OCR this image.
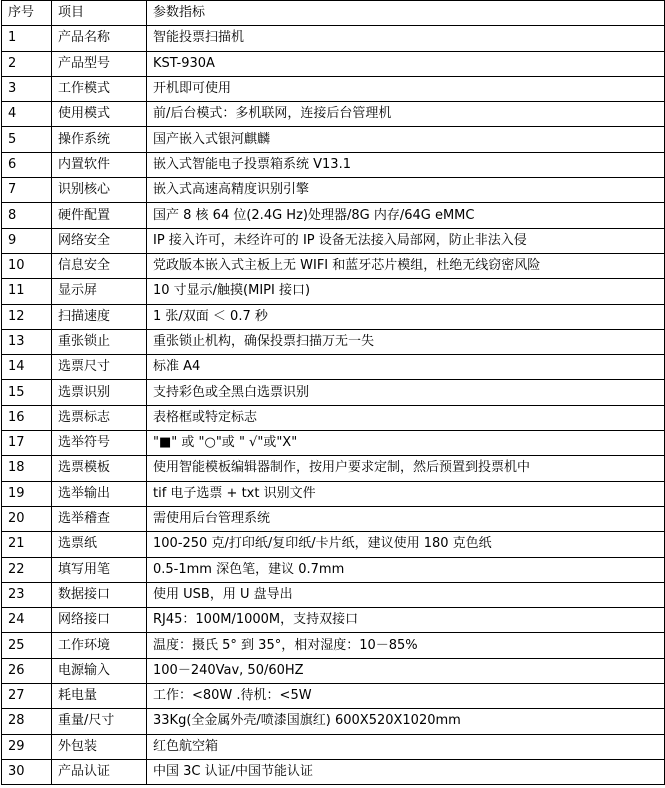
序号	项目	参数指标
1	产品名称	智能投票扫描机
2	产品型号	KST-930A
3	工作模式	开机即可使用
4	使用模式	前/后台模式：多机联网，连接后台管理机
5	操作系统	国产嵌入式银河麒麟
6	内置软件	嵌入式智能电子投票箱系统 V13.1
7	识别核心	嵌入式高速高精度识别引擎
8	硬件配置	国产 8 核 64 位(2.4G Hz)处理器/8G 内存/64G eMMC
9	网络安全	IP 接入许可，未经许可的 IP 设备无法接入局部网，防止非法入侵
10	信息安全	党政版本嵌入式主板上无 WIFI 和蓝牙芯片模组，杜绝无线窃密风险
11	显示屏	10 寸显示/触摸(MIPI 接口)
12	扫描速度	1 张/双面 ＜ 0.7 秒
13	重张锁止	重张锁止机构，确保投票扫描万无一失
14	选票尺寸	标准 A4
15	选票识别	支持彩色或全黑白选票识别
16	选票标志	表格框或特定标志
17	选举符号	"■" 或 "○"或 " √"或"X"
18	选票模板	使用智能模板编辑器制作，按用户要求定制，然后预置到投票机中
19	选举输出	tif 电子选票 + txt 识别文件
20	选举稽查	需使用后台管理系统
21	选票纸	100-250 克/打印纸/复印纸/卡片纸，建议使用 180 克色纸
22	填写用笔	0.5-1mm 深色笔，建议 0.7mm
23	数据接口	使用 USB，用 U 盘导出
24	网络接口	RJ45：100M/1000M，支持双接口
25	工作环境	温度：摄氏 5° 到 35°，相对湿度：10－85%
26	电源输入	100－240Vav, 50/60HZ
27	耗电量	工作：<80W .待机：<5W
28	重量/尺寸	33Kg(全金属外壳/喷漆国旗红) 600X520X1020mm
29	外包装	红色航空箱
30	产品认证	中国 3C 认证/中国节能认证
